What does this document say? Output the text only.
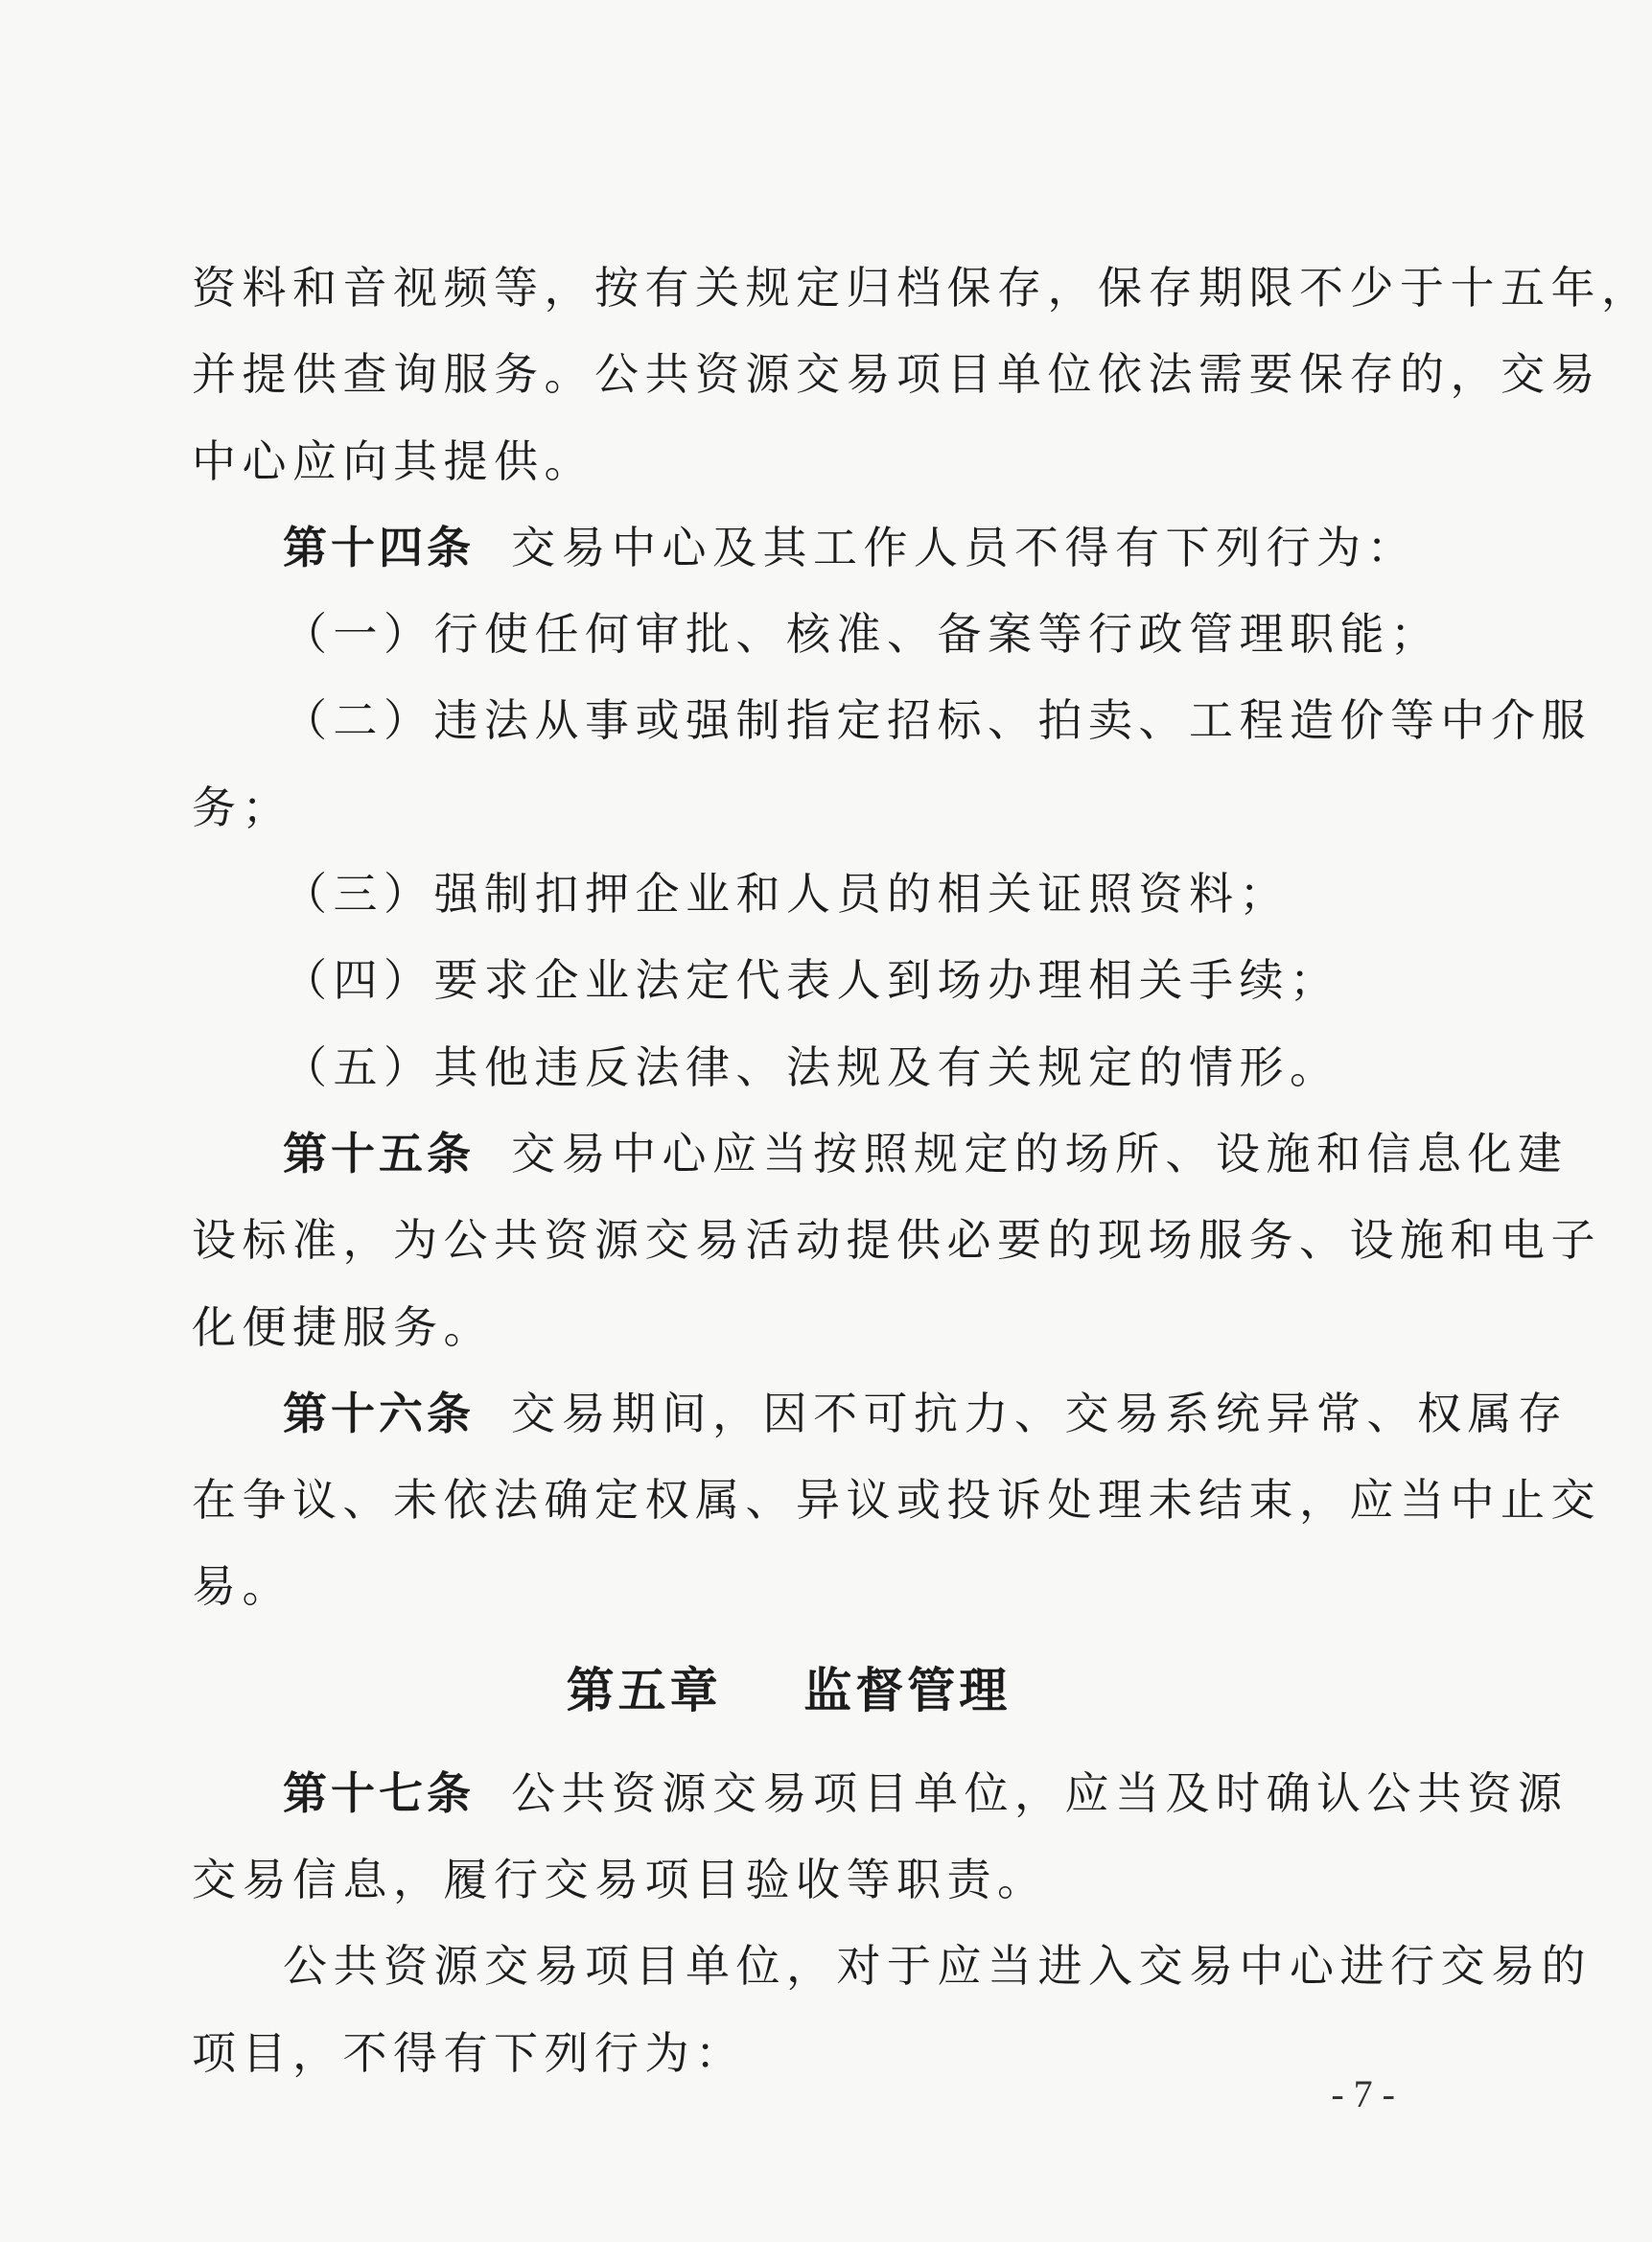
资料和音视频等，按有关规定归档保存，保存期限不少于十五年，
并提供查询服务。公共资源交易项目单位依法需要保存的，交易
中心应向其提供。
第十四条 交易中心及其工作人员不得有下列行为：
（一）行使任何审批、核准、备案等行政管理职能；
（二）违法从事或强制指定招标、拍卖、工程造价等中介服
务；
（三）强制扣押企业和人员的相关证照资料；
（四）要求企业法定代表人到场办理相关手续；
（五）其他违反法律、法规及有关规定的情形。
第十五条 交易中心应当按照规定的场所、设施和信息化建
设标准，为公共资源交易活动提供必要的现场服务、设施和电子
化便捷服务。
第十六条 交易期间，因不可抗力、交易系统异常、权属存
在争议、未依法确定权属、异议或投诉处理未结束，应当中止交
易。
第五章    监督管理
第十七条 公共资源交易项目单位，应当及时确认公共资源
交易信息，履行交易项目验收等职责。
公共资源交易项目单位，对于应当进入交易中心进行交易的
项目，不得有下列行为：
- 7 -
